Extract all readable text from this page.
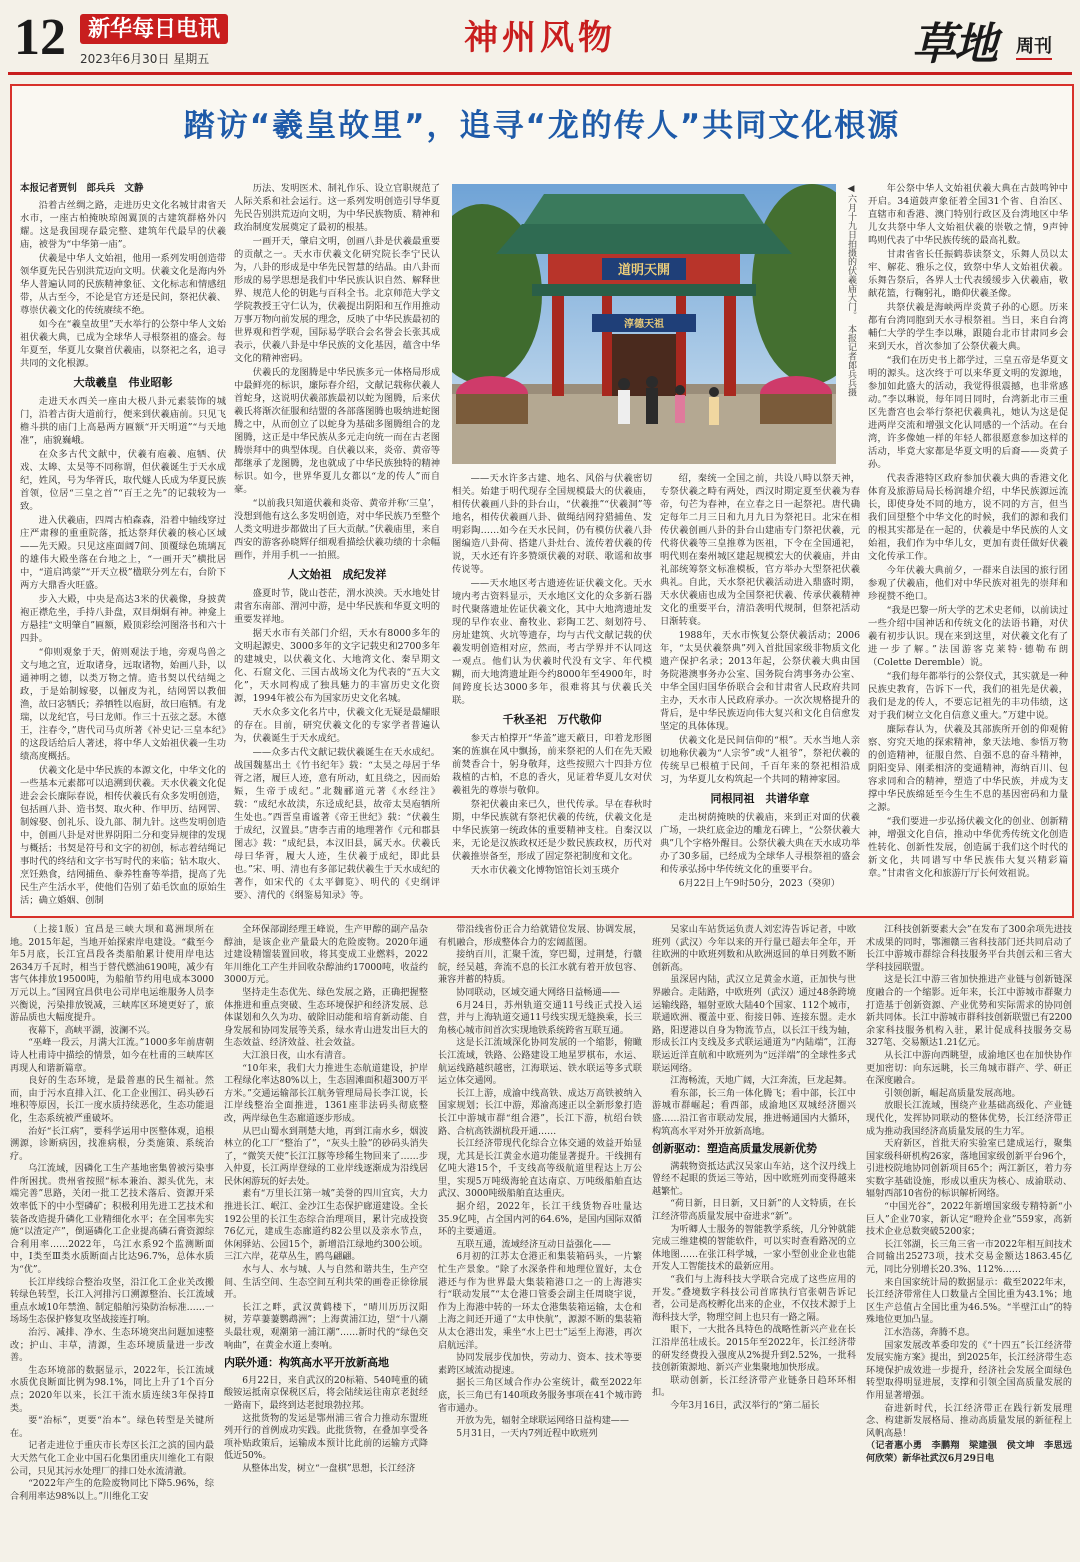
12	新华每日电讯
2023年6月30日 星期五
神州风物	草地 周刊
踏访“羲皇故里”，追寻“龙的传人”共同文化根源
本报记者贾钊　郎兵兵　文静

沿着古丝绸之路，走进历史文化名城甘肃省天水市，一座古柏掩映琼阁翼顶的古建筑群格外闪耀。这是我国现存最完整、建筑年代最早的伏羲庙，被誉为“中华第一庙”。

伏羲是中华人文始祖，他用一系列发明创造带领华夏先民告别洪荒迈向文明。伏羲文化是海内外华人普遍认同的民族精神象征、文化标志和情感纽带，从古至今，不论是官方还是民间，祭祀伏羲、尊崇伏羲文化的传统赓续不绝。

如今在“羲皇故里”天水举行的公祭中华人文始祖伏羲大典，已成为全球华人寻根祭祖的盛会。每年夏至，华夏儿女聚首伏羲庙，以祭祀之名，追寻共同的文化根源。

大哉羲皇　伟业昭彰

走进天水西关一座由大极八卦元素装饰的城门，沿着古街大道前行，便来到伏羲庙前。只见飞檐斗拱的庙门上高悬两方匾额“开天明道”“与天地准”，庙貌巍峨。

在众多古代文献中，伏羲有庖羲、庖牺、伏戏、太皞、太昊等不同称谓，但伏羲诞生于天水成纪，姓风，号为华胥氏，取代燧人氏成为华夏民族首领，位居“三皇之首”“百王之先”的记载较为一致。

进入伏羲庙，四周古柏森森，沿着中轴线穿过庄严肃穆的重重院落，抵达祭拜伏羲的核心区域——先天殿。只见这座面阔7间、顶覆绿色琉璃瓦的雄伟大殿坐落在台地之上，“一画开天”横批居中，“道启鸿蒙”“开天立极”楹联分列左右，台阶下两方大鼎香火旺盛。

步入大殿，中央是高达3米的伏羲像，身披黄袍正襟危坐，手持八卦盘，双目炯炯有神。神龛上方悬挂“文明肇自”匾额，殿顶彩绘河图洛书和六十四卦。

“仰则观象于天，俯则观法于地，旁观鸟兽之文与地之宜，近取诸身，远取诸物，始画八卦，以通神明之德，以类万物之情。造书契以代结绳之政，于是始制嫁娶，以俪皮为礼，结网罟以教佃渔，故曰宓牺氏；养牺牲以庖厨，故曰庖牺。有龙瑞，以龙纪官，号曰龙师。作三十五弦之瑟。木德王，注春令，”唐代司马贞所著《补史记·三皇本纪》的这段话给后人著述，将中华人文始祖伏羲一生功绩高度概括。

伏羲文化是中华民族的本源文化，中华文化的一些基本元素都可以追溯到伏羲。天水伏羲文化促进会会长廉际春说，相传伏羲氏有众多发明创造，包括画八卦、造书契、取火种、作甲历、结网罟、制嫁娶、创礼乐、设九部、制九针。这些发明创造中，创画八卦是对世界阴阳二分和变异规律的发现与概括；书契是符号和文字的初创，标志着结绳记事时代的终结和文字书写时代的来临；钻木取火、烹饪熟食，结网捕鱼、豢养牲畜等举措，提高了先民生产生活水平，使他们告别了茹毛饮血的原始生活；确立婚姻、创制

历法、发明医术、制礼作乐、设立官职规范了人际关系和社会运行。这一系列发明创造引导华夏先民告别洪荒迈向文明，为中华民族物质、精神和政治制度发展奠定了最初的根基。

一画开天，肇启文明，创画八卦是伏羲最重要的贡献之一。天水市伏羲文化研究院长李宁民认为，八卦的形成是中华先民智慧的结晶。由八卦而形成的易学思想是我们中华民族认识自然、解释世界、规范人伦的钥匙与百科全书。北京师范大学文学院教授王守仁认为，伏羲提出阴阳和互作用推动万事万物向前发展的理念，反映了中华民族最初的世界观和哲学观，国际易学联合会名誉会长张其成表示，伏羲八卦是中华民族的文化基因，蕴含中华文化的精神密码。

伏羲氏的龙图腾是中华民族多元一体格局形成中最鲜亮的标识，廉际春介绍，文献记载称伏羲人首蛇身，这说明伏羲部族最初以蛇为图腾，后来伏羲氏将渐次征服和结盟的各部落图腾也吸纳进蛇图腾之中，从而创立了以蛇身为基础多图腾组合的龙图腾，这正是中华民族从多元走向统一而在古老图腾崇拜中的典型体现。自伏羲以来，炎帝、黄帝等都继承了龙图腾，龙也就成了中华民族独特的精神标识。如今，世界华夏儿女都以“龙的传人”而自豪。

“以前我只知道伏羲和炎帝、黄帝并称‘三皇’，没想到他有这么多发明创造，对中华民族乃至整个人类文明进步都做出了巨大贡献。”伏羲庙里，来自西安的游客孙晓辉仔细观看描绘伏羲功绩的十余幅画作，并用手机一一拍照。

人文始祖　成纪发祥

盛夏时节，陇山苍茫，渭水泱泱。天水地处甘肃省东南部、渭河中游，是中华民族和华夏文明的重要发祥地。

据天水市有关部门介绍，天水有8000多年的文明起源史、3000多年的文字记载史和2700多年的建城史，以伏羲文化、大地湾文化、秦早期文化、石窟文化、三国古战场文化为代表的“五大文化”，天水同构成了独具魅力的丰富历史文化资源，1994年被公布为国家历史文化名城。

天水众多文化名片中，伏羲文化无疑是最耀眼的存在。目前，研究伏羲文化的专家学者普遍认为，伏羲诞生于天水成纪。

——众多古代文献记载伏羲诞生在天水成纪。战国魏墓出土《竹书纪年》载：“太昊之母居于华胥之渚，履巨人迹，意有所动，虹且绕之，因而始娠，生帝于成纪。”北魏郦道元著《水经注》载：“成纪水故渎，东迳成纪县，故帝太昊庖牺所生处也。”西晋皇甫谧著《帝王世纪》载：“伏羲生于成纪，汉置县。”唐李吉甫的地理著作《元和郡县图志》载：“成纪县，本汉旧县，属天水。伏羲氏母曰华胥，履大人迹，生伏羲于成纪，即此县也。”宋、明、清也有多部记载伏羲生于天水成纪的著作，如宋代的《太平御览》、明代的《史纲评要》、清代的《纲鉴易知录》等。

道明天開
淳德天祖	◀六月十九日拍摄的伏羲庙大门。　本报记者郎兵兵摄

——天水许多古建、地名、风俗与伏羲密切相关。始建于明代现存全国规模最大的伏羲庙，相传伏羲画八卦的卦台山，“伏羲推”“伏羲洞”等地名，相传伏羲画八卦、做绳结网狩猎捕鱼、发明彩陶……如今在天水民间，仍有模仿伏羲八卦图编造八卦荷、搭建八卦灶台、流传着伏羲的传说，天水还有许多赞颂伏羲的对联、歌谣和故事传说等。

——天水地区考古遗迹佐证伏羲文化。天水境内考古资料显示，天水地区文化的众多新石器时代聚落遗址佐证伏羲文化，其中大地湾遗址发现的早作农业、畜牧业、彩陶工艺、刻划符号、房址建筑、火坑等遗存，均与古代文献记载的伏羲发明创造相对应，然而，考古学界并不认同这一观点。他们认为伏羲时代没有文字、年代模糊，而大地湾遗址距今约8000年至4900年，时间跨度长达3000多年，很难将其与伏羲氏关联。

千秋圣祀　万代敬仰

参天古柏撑开“华盖”遮天蔽日，印着龙形图案的旌旗在风中飘扬，前来祭祀的人们在先天殿前焚香合十，躬身敬拜，这些按照六十四卦方位栽植的古柏，不息的香火，见证着华夏儿女对伏羲祖先的尊崇与敬仰。

祭祀伏羲由来已久，世代传承。早在春秋时期，中华民族就有祭祀伏羲的传统，伏羲文化是中华民族第一统政体的重要精神支柱。自秦汉以来，无论是汉族政权还是少数民族政权，历代对伏羲推崇备至，形成了固定祭祀制度和文化。

天水市伏羲文化博物馆馆长刘玉瑛介

绍，秦统一全国之前，共设八畤以祭天神，专祭伏羲之畤有两处，西汉时期定夏至伏羲为春帝，句芒为春神，在立春之日一起祭祀。唐代确定每年二月三日和九月九日为祭祀日。北宋在相传伏羲创画八卦的卦台山建庙专门祭祀伏羲，元代将伏羲等三皇推尊为医祖，下令在全国通祀，明代则在秦州城区建起规模宏大的伏羲庙，并由礼部统筹祭文标准模板，官方举办大型祭祀伏羲典礼。自此，天水祭祀伏羲活动进入鼎盛时期，天水伏羲庙也成为全国祭祀伏羲、传承伏羲精神文化的重要平台，清沿袭明代规制，但祭祀活动日渐转衰。

1988年，天水市恢复公祭伏羲活动；2006年，“太昊伏羲祭典”列入首批国家级非物质文化遗产保护名录；2013年起，公祭伏羲大典由国务院港澳事务办公室、国务院台湾事务办公室、中华全国归国华侨联合会和甘肃省人民政府共同主办，天水市人民政府承办。一次次规格提升的背后，是中华民族迈向伟大复兴和文化自信愈发坚定的具体体现。

伏羲文化是民间信仰的“根”。天水当地人亲切地称伏羲为“人宗爷”或“人祖爷”，祭祀伏羲的传统早已根植于民间，千百年来的祭祀相沿成习，为华夏儿女构筑起一个共同的精神家园。

同根同祖　共谱华章

走出树荫掩映的伏羲庙，来到正对面的伏羲广场，一块红底金边的雕龙石碑上，“公祭伏羲大典”几个字格外醒目。公祭伏羲大典在天水成功举办了30多届，已经成为全球华人寻根祭祖的盛会和传承弘扬中华传统文化的重要平台。

6月22日上午9时50分，2023（癸卯）

年公祭中华人文始祖伏羲大典在古鼓鸣钟中开启。34道鼓声象征着全国31个省、自治区、直辖市和香港、澳门特别行政区及台湾地区中华儿女共祭中华人文始祖伏羲的崇敬之情，9声钟鸣则代表了中华民族传统的最高礼数。

甘肃省省长任振鹤恭读祭文，乐舞人员以太牢、解花、雅乐之仪，致祭中华人文始祖伏羲。乐舞告祭后，各界人士代表缓缓步入伏羲庙，敬献花篮，行鞠躬礼，瞻仰伏羲圣像。

共祭伏羲是海峡两岸炎黄子孙的心愿。历来都有台湾同胞到天水寻根祭祖。当日，来自台湾輔仁大学的学生李以琳，跟随台北市甘肃同乡会来到天水，首次参加了公祭伏羲大典。

“我们在历史书上都学过，三皇五帝是华夏文明的源头。这次终于可以来华夏文明的发源地，参加如此盛大的活动，我觉得很震撼，也非常感动。”李以琳说，每年同日同时，台湾新北市三重区先嗇宫也会举行祭祀伏羲典礼，她认为这是促进两岸交流和增强文化认同感的一个活动。在台湾，许多像她一样的年轻人都很愿意参加这样的活动，毕竟大家都是华夏文明的后裔——炎黄子孙。

代表香港特区政府参加伏羲大典的香港文化体育及旅游局局长杨润雄介绍，中华民族源远流长，即使身处不同的地方，说不同的方言，但当我们回望整个中华文化的时候，我们的源和我们的根其实都是在一起的，伏羲是中华民族的人文始祖，我们作为中华儿女，更加有责任做好伏羲文化传承工作。

今年伏羲大典前夕，一群来自法国的旅行团参观了伏羲庙，他们对中华民族对祖先的崇拜和珍视赞不绝口。

“我是巴黎一所大学的艺术史老师，以前读过一些介绍中国神话和传统文化的法语书籍，对伏羲有初步认识。现在来到这里，对伏羲文化有了进一步了解。”法国游客克莱特·德勒布朗（Colette Deremble）说。

“我们每年都举行的公祭仪式，其实就是一种民族史教育，告诉下一代，我们的祖先是伏羲，我们是龙的传人，不要忘记祖先的丰功伟绩，这对于我们树立文化自信意义重大。”万建中说。

廉际春认为，伏羲及其部族所开创的仰观俯察、穷究天地的探索精神，象天法地、参悟万物的创造精神，征服自然、自强不息的奋斗精神，阴阳变异、刚柔相济的变通精神，海纳百川、包容求同和合的精神，塑造了中华民族，并成为支撑中华民族绵延至今生生不息的基因密码和力量之源。

“我们要进一步弘扬伏羲文化的创业、创新精神，增强文化自信，推动中华优秀传统文化创造性转化、创新性发展，创造属于我们这个时代的新文化，共同谱写中华民族伟大复兴精彩篇章。”甘肃省文化和旅游厅厅长何效祖说。

（上接1版）宜昌是三峡大坝和葛洲坝所在地。2015年起，当地开始探索岸电建设。“截至今年5月底，长江宜昌段各类船舶累计使用岸电达2634万千瓦时，相当于替代燃油6190吨，减少有害气体排放19500吨，为船舶节约用电成本3000万元以上。”国网宜昌供电公司岸电运维服务人员李兴衡说，污染排放锐减，三峡库区环境更好了，旅游品质也大幅度提升。

夜幕下，高峡平湖，波澜不兴。

“巫峰一段云，月满大江流。”1000多年前唐朝诗人杜甫诗中描绘的情景，如今在杜甫的三峡库区再现人和谐新篇章。

良好的生态环境，是最普惠的民生福祉。然而，由于污水直排入江、化工企业围江、码头砂石堆积等原因，长江一度水质持续恶化，生态功能退化，生态系统被严重破坏。

治好“长江病”，要科学运用中医整体观，追根溯源，诊断病因，找准病根，分类施策、系统治疗。

乌江流域，因磷化工生产基地密集曾被污染事件所困扰。贵州省按照“标本兼治、源头优先，末端完善”思路，关闭一批工艺技术落后、资源开采效率低下的中小型磷矿；积极利用先进工艺技术和装备改造提升磷化工业精细化水平；在全国率先实施“以渣定产”，倒逼磷化工企业提高磷石膏资源综合利用率……2022年，乌江水系92个监测断面中，Ⅰ类至Ⅲ类水质断面占比达96.7%，总体水质为“优”。

长江岸线综合整治攻坚，沿江化工企业关改搬转绿色转型，长江入河排污口溯源整治、长江流域重点水域10年禁渔、制定船舶污染防治标准……一场场生态保护修复攻坚战接连打响。

治污、减排、净水、生态环境突出问题加速整改；护山、丰草，清源，生态环境质量进一步改善。

生态环境部的数据显示，2022年，长江流域水质优良断面比例为98.1%，同比上升了1个百分点；2020年以来，长江干流水质连续3年保持Ⅱ类。

要“治标”，更要“治本”。绿色转型是关键所在。

记者走进位于重庆市长寿区长江之滨的国内最大天然气化工企业中国石化集团重庆川维化工有限公司，只见其污水处理厂的排口处水流清澈。

“2022年产生的危险废物同比下降5.96%，综合利用率达98%以上。”川维化工安

全环保部副经理王峰说，生产甲醇的副产品杂醇油，是该企业产量最大的危险废物。2020年通过建设精馏装置回收，将其变成工业燃料，2022年川维化工产生并回收杂醇油约17000吨，收益约3000万元。

坚持走生态优先、绿色发展之路，正确把握整体推进和重点突破、生态环境保护和经济发展、总体谋划和久久为功、破除旧动能和培育新动能、自身发展和协同发展等关系，绿水青山进发出巨大的生态效益、经济效益、社会效益。

大江浪日夜，山水有清音。

“10年来，我们大力推进生态航道建设，护岸工程绿化率达80%以上，生态固滩面积超300万平方米。”交通运输部长江航务管理局局长李江说，长江岸线整治全面推进，1361座非法码头彻底整改，两岸绿色生态廊道逐步形成。

从巴山蜀水到荆楚大地，再到江南水乡，烟波林立的化工厂“整治了”，“灰头土脸”的砂码头消失了，“微笑天使”长江江豚等珍稀生物回来了……步入仲夏，长江两岸登绿的工业岸线逐渐成为沿线居民休闲游玩的好去处。

素有“万里长江第一城”美誉的四川宜宾，大力推进长江、岷江、金沙江生态保护廊道建设。全长192公里的长江生态综合治理项目，累计完成投资76亿元，建成生态廊道约82公里以及亲水节点，休闲驿站、公园15个，新增沿江绿地约300公顷。三江六岸，花草丛生，鸥鸟翩翩。

水与人、水与城、人与自然和谐共生，生产空间、生活空间、生态空间互利共荣的画卷正徐徐展开。

长江之畔，武汉黄鹤楼下，“晴川历历汉阳树，芳草萋萋鹦鹉洲”；上海黄浦江边，望“十八潮头最壮观，观潮第一浦江潮”……新时代的“绿色交响曲”，在黄金水道上奏响。

内联外通：构筑高水平开放新高地

6月22日，来自武汉的20标箱、540吨重的硫酸铵运抵南京保税区后，将会陆续运往南京老挝经一路南下，最终到达老挝琅勃拉邦。

这批货物的发运是鄂州浦三省合力推动东盟班列开行的首例成功实践。此批货物，在叠加享受各项补贴政策后，运输成本预计比此前的运输方式降低近50%。

从整体出发，树立“一盘棋”思想，长江经济

带沿线省份正合力给就错位发展、协调发展，有机融合，形成整体合力的宏阔蓝图。

接纳百川，汇聚千流，穿巴蜀，过荆楚，行赣皖，经吴越，奔流不息的长江水就有着开放包容、兼容并蓄的特质。

协同联动，区域交通大网络日益畅通——

6月24日，苏州轨道交通11号线正式投入运营，并与上海轨道交通11号线实现无缝换乘，长三角核心城市间首次实现地铁系统跨省互联互通。

这是长江流域深化协同发展的一个缩影，俯瞰长江流域，铁路、公路建设工地星罗棋布，水运、航运线路越织越密，江海联运、铁水联运等多式联运立体交通网。

长江上游，成渝中线高铁、成达万高铁被纳入国家规划；长江中游，郑渝高速正以全新形象打造长江中游城市群“组合港”，长江下游，杭绍台铁路、合杭高铁湖杭段开通……

长江经济带现代化综合立体交通的效益开始显现，尤其是长江黄金水道功能显著提升。干线拥有亿吨大港15个，千支线高等级航道里程达上万公里，实现5万吨级海轮直达南京、万吨级船舶直达武汉、3000吨级船舶直达重庆。

据介绍，2022年，长江干线货物吞吐量达35.9亿吨，占全国内河的64.6%，是国内国际双循环的主要通道。

互联互通，流域经济互动日益强化——

6月初的江苏太仓港正和集装箱码头，一片繁忙生产景象。“除了水深条件和地理位置好，太仓港还与作为世界最大集装箱港口之一的上海港实行“联动发展”“太仓港口管委会副主任周晓宇说，作为上海港中转的一环太仓港集装箱运输，太仓和上海之间还开通了“太申快航”，源源不断的集装箱从太仓港出发，乘坐“水上巴士”运至上海港，再次启航远洋。

协同发展步伐加快，劳动力、资本、技术等要素跨区域流动提速。

据长三角区域合作办公室统计，截至2022年底，长三角已有140项政务服务事项在41个城市跨省市通办。

开放为先，辐射全球联运网络日益构建——

5月31日，一天内7列近程中欧班列

吴家山车站货运负责人刘宏涛告诉记者，中欧班列（武汉）今年以来的开行量已超去年全年，开往欧洲的中欧班列数和从欧洲返回的单日列数不断创新高。

虽深居内陆，武汉立足黄金水道，正加快与世界融合。走陆路，中欧班列（武汉）通过48条跨境运输线路，辐射亚欧大陆40个国家、112个城市，联通欧洲、覆盖中亚、衔接日韩、连接东盟。走水路，阳逻港以自身为物流节点，以长江干线为轴，形成长江内支线及多式联运通道为“内陆端”，江海联运近洋直航和中欧班列为“远洋端”的全球性多式联运网络。

江海畅流，天地广阔，大江奔流，巨龙起舞。

看东部，长三角一体化腾飞；看中部，长江中游城市群崛起；看西部，成渝地区双城经济圈兴盛……沿江省市联动发展，推进畅通国内大循环，构筑高水平对外开放新高地。

创新驱动：塑造高质量发展新优势

满载物资抵达武汉吴家山车站，这个汉丹线上曾经不起眼的货运三等站，因中欧班列而变得越来越繁忙。

“荷日新，日日新，又日新”的人文特质，在长江经济带高质量发展中奋进求“新”。

为听卿人士服务的智能教学系统，几分钟就能完成三维建模的智能软件，可以实时查看路况的立体地图……在张江科学城，一家小型创业企业也能开发人工智能技术的最新应用。

“我们与上海科技大学联合完成了这些应用的开发。”叠境数字科技公司首席执行官张朝告诉记者，公司是高校孵化出来的企业，不仅技术源于上海科技大学，物理空间上也只有一路之隔。

眼下，一大批各具特色的战略性新兴产业在长江沿岸茁壮成长。2015年至2022年，长江经济带的研发经费投入强度从2%提升到2.52%，一批科技创新策源地、新兴产业集聚地加快形成。

联动创新，长江经济带产业链条日趋环环相扣。

今年3月16日，武汉举行的“第二届长

江科技创新要素大会”在发布了300余项先进技术成果的同时，鄂湘赣三省科技部门还共同启动了长江中游城市群综合科技服务平台共创云和三省大学科技园联盟。

这是长江中游三省加快推进产业链与创新链深度融合的一个缩影。近年来，长江中游城市群聚力打造基于创新资源、产业优势和实际需求的协同创新共同体。长江中游城市群科技创新联盟已有2200余家科技服务机构入驻，累计促成科技服务交易327笔、交易额达1.21亿元。

从长江中游向西眺望，成渝地区也在加快协作更加密切：向东远眺，长三角城市群产、学、研正在深度融合。

引领创新，崛起高质量发展高地。

放眼长江流域，围绕产业基础高级化、产业链现代化，发挥协同联动的整体优势，长江经济带正成为推动我国经济高质量发展的生力军。

天府新区，首批天府实验室已建成运行，聚集国家级科研机构26家，落地国家级创新平台96个，引进校院地协同创新项目65个；两江新区，着力夯实数字基础设施，形成以重庆为核心、成渝联动、辐射西部10省份的标识解析网络。

“中国光谷”，2022年新增国家级专精特新“小巨人”企业70家，新认定“瞪羚企业”559家，高新技术企业总数突破5200家；

长江邻湖，长三角三省一市2022年相互间技术合同输出25273项，技术交易金额达1863.45亿元，同比分别增长20.3%、112%……

来自国家统计局的数据显示：截至2022年末，长江经济带常住人口数量占全国比重为43.1%；地区生产总值占全国比重为46.5%。“半壁江山”的特殊地位更加凸显。

江水浩荡，奔腾不息。

国家发展改革委印发的《“十四五”长江经济带发展实施方案》提出，到2025年，长江经济带生态环境保护成效进一步提升，经济社会发展全面绿色转型取得明显进展，支撑和引领全国高质量发展的作用显著增强。

奋进新时代，长江经济带正在践行新发展理念、构建新发展格局、推动高质量发展的新征程上风帆高悬！

（记者惠小勇　李鹏翔　梁建强　侯文坤　李思远　何欣荣）新华社武汉6月29日电
